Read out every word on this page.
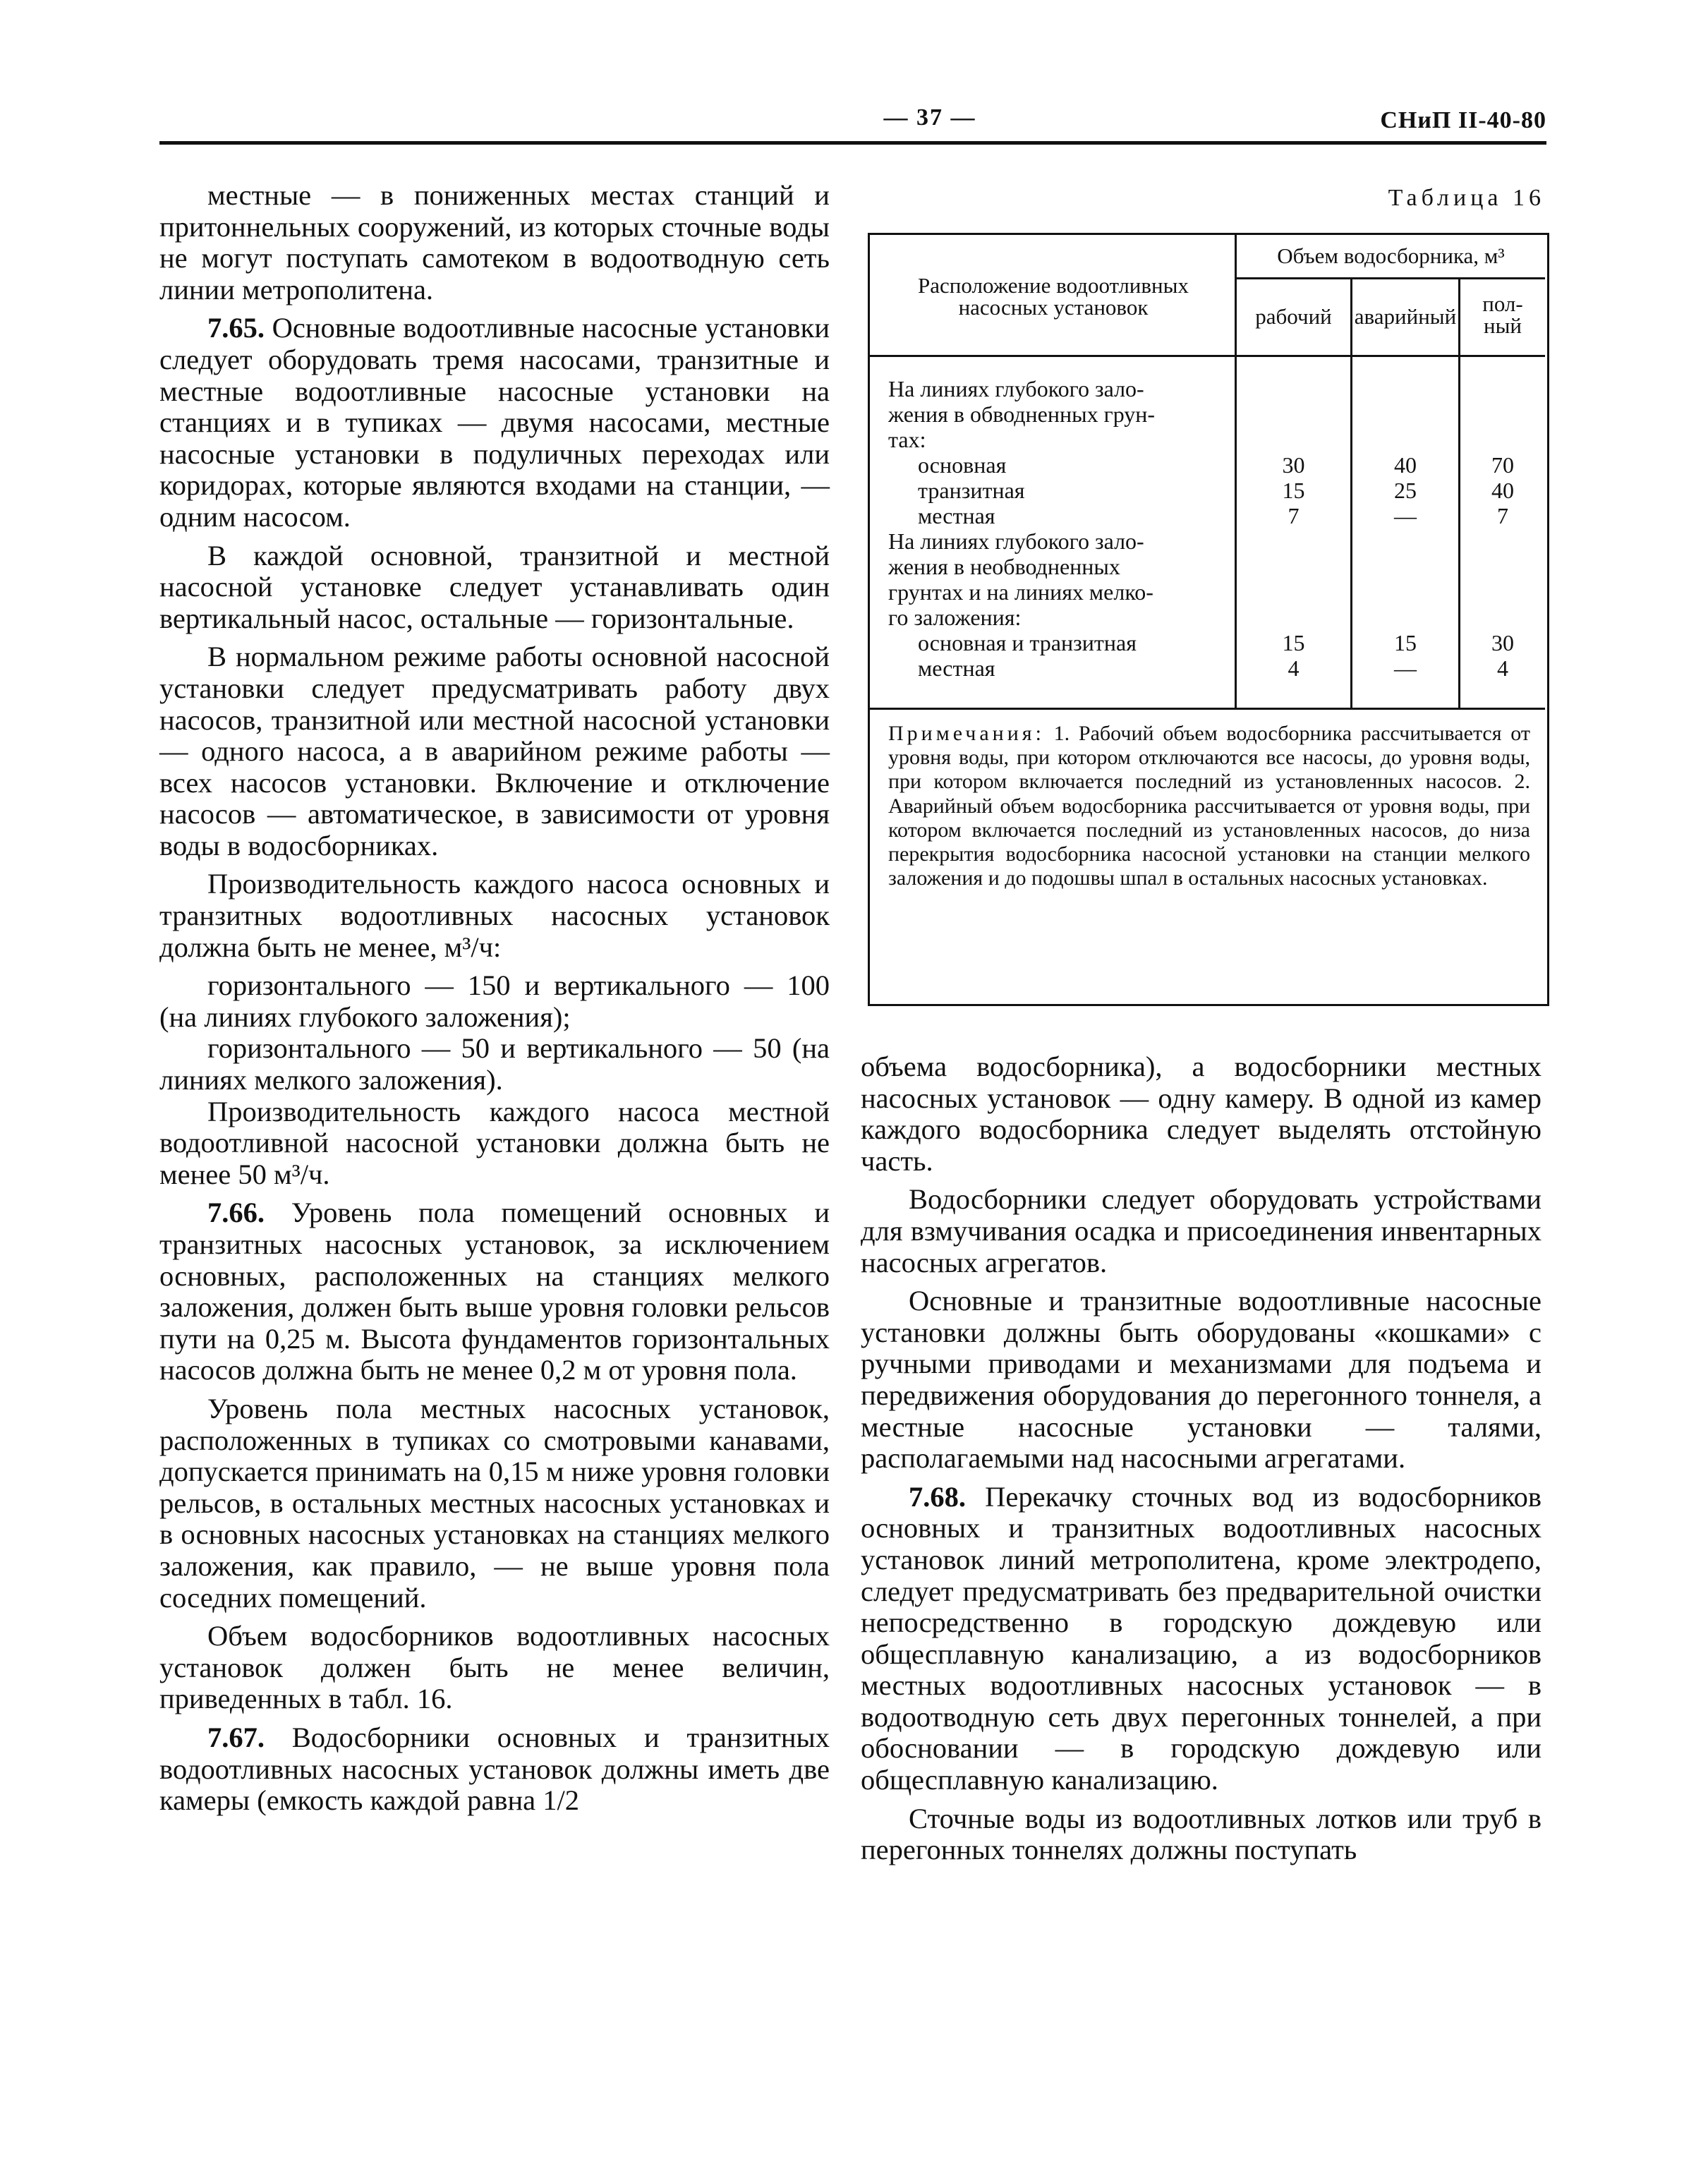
— 37 —	СНиП II-40-80

местные — в пониженных местах станций и притоннельных сооружений, из которых сточные воды не могут поступать самотеком в водоотводную сеть линии метрополитена.

7.65. Основные водоотливные насосные установки следует оборудовать тремя насосами, транзитные и местные водоотливные насосные установки на станциях и в тупиках — двумя насосами, местные насосные установки в подуличных переходах или коридорах, которые являются входами на станции, — одним насосом.

В каждой основной, транзитной и местной насосной установке следует устанавливать один вертикальный насос, остальные — горизонтальные.

В нормальном режиме работы основной насосной установки следует предусматривать работу двух насосов, транзитной или местной насосной установки — одного насоса, а в аварийном режиме работы — всех насосов установки. Включение и отключение насосов — автоматическое, в зависимости от уровня воды в водосборниках.

Производительность каждого насоса основных и транзитных водоотливных насосных установок должна быть не менее, м³/ч:

горизонтального — 150 и вертикального — 100 (на линиях глубокого заложения);

горизонтального — 50 и вертикального — 50 (на линиях мелкого заложения).

Производительность каждого насоса местной водоотливной насосной установки должна быть не менее 50 м³/ч.

7.66. Уровень пола помещений основных и транзитных насосных установок, за исключением основных, расположенных на станциях мелкого заложения, должен быть выше уровня головки рельсов пути на 0,25 м. Высота фундаментов горизонтальных насосов должна быть не менее 0,2 м от уровня пола.

Уровень пола местных насосных установок, расположенных в тупиках со смотровыми канавами, допускается принимать на 0,15 м ниже уровня головки рельсов, в остальных местных насосных установках и в основных насосных установках на станциях мелкого заложения, как правило, — не выше уровня пола соседних помещений.

Объем водосборников водоотливных насосных установок должен быть не менее величин, приведенных в табл. 16.

7.67. Водосборники основных и транзитных водоотливных насосных установок должны иметь две камеры (емкость каждой равна 1/2

Таблица 16
Расположение водоотливных насосных установок
Объем водосборника, м³
рабочий	аварийный
пол-
ный
На линиях глубокого зало-
жения в обводненных грун-
тах:
основная	30	40	70
транзитная	15	25	40
местная	7	—	7
На линиях глубокого зало-
жения в необводненных
грунтах и на линиях мелко-
го заложения:
основная и транзитная	15	15	30
местная	4	—	4
Примечания: 1. Рабочий объем водосборника рассчитывается от уровня воды, при котором отключаются все насосы, до уровня воды, при котором включается последний из установленных насосов. 2. Аварийный объем водосборника рассчитывается от уровня воды, при котором включается последний из установленных насосов, до низа перекрытия водосборника насосной установки на станции мелкого заложения и до подошвы шпал в остальных насосных установках.

объема водосборника), а водосборники местных насосных установок — одну камеру. В одной из камер каждого водосборника следует выделять отстойную часть.

Водосборники следует оборудовать устройствами для взмучивания осадка и присоединения инвентарных насосных агрегатов.

Основные и транзитные водоотливные насосные установки должны быть оборудованы «кошками» с ручными приводами и механизмами для подъема и передвижения оборудования до перегонного тоннеля, а местные насосные установки — талями, располагаемыми над насосными агрегатами.

7.68. Перекачку сточных вод из водосборников основных и транзитных водоотливных насосных установок линий метрополитена, кроме электродепо, следует предусматривать без предварительной очистки непосредственно в городскую дождевую или общесплавную канализацию, а из водосборников местных водоотливных насосных установок — в водоотводную сеть двух перегонных тоннелей, а при обосновании — в городскую дождевую или общесплавную канализацию.

Сточные воды из водоотливных лотков или труб в перегонных тоннелях должны поступать
